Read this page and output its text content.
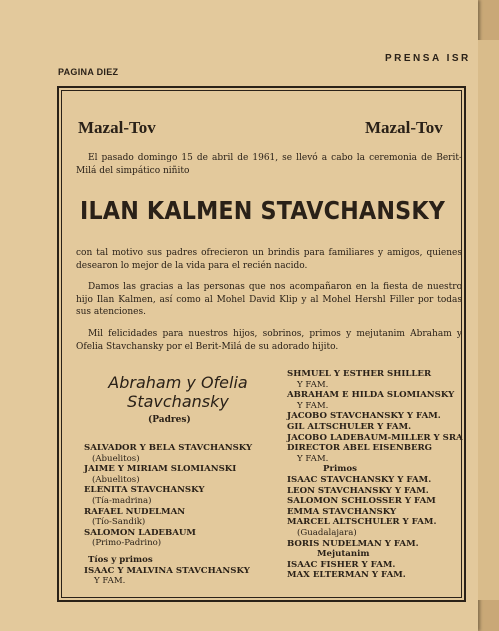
PAGINA DIEZ
PRENSA ISR
Mazal-Tov	Mazal-Tov
El pasado domingo 15 de abril de 1961, se llevó a cabo la ceremonia de Berit-Milá del simpático niñito
ILAN KALMEN STAVCHANSKY
con tal motivo sus padres ofrecieron un brindis para familiares y amigos, quienes desearon lo mejor de la vida para el recién nacido.
Damos las gracias a las personas que nos acompañaron en la fiesta de nuestro hijo Ilan Kalmen, así como al Mohel David Klip y al Mohel Hershl Filler por todas sus atenciones.
Mil felicidades para nuestros hijos, sobrinos, primos y mejutanim Abraham y Ofelia Stavchansky por el Berit-Milá de su adorado hijito.
Abraham y Ofelia
Stavchansky
(Padres)
SALVADOR Y BELA STAVCHANSKY
(Abuelitos)
JAIME Y MIRIAM SLOMIANSKI
(Abuelitos)
ELENITA STAVCHANSKY
(Tía-madrina)
RAFAEL NUDELMAN
(Tío-Sandik)
SALOMON LADEBAUM
(Primo-Padrino)
Tíos y primos
ISAAC Y MALVINA STAVCHANSKY
Y FAM.
SHMUEL Y ESTHER SHILLER
Y FAM.
ABRAHAM E HILDA SLOMIANSKY
Y FAM.
JACOBO STAVCHANSKY Y FAM.
GIL ALTSCHULER Y FAM.
JACOBO LADEBAUM-MILLER Y SRA
DIRECTOR ABEL EISENBERG
Y FAM.
Primos
ISAAC STAVCHANSKY Y FAM.
LEON STAVCHANSKY Y FAM.
SALOMON SCHLOSSER Y FAM
EMMA STAVCHANSKY
MARCEL ALTSCHULER Y FAM.
(Guadalajara)
BORIS NUDELMAN Y FAM.
Mejutanim
ISAAC FISHER Y FAM.
MAX ELTERMAN Y FAM.
